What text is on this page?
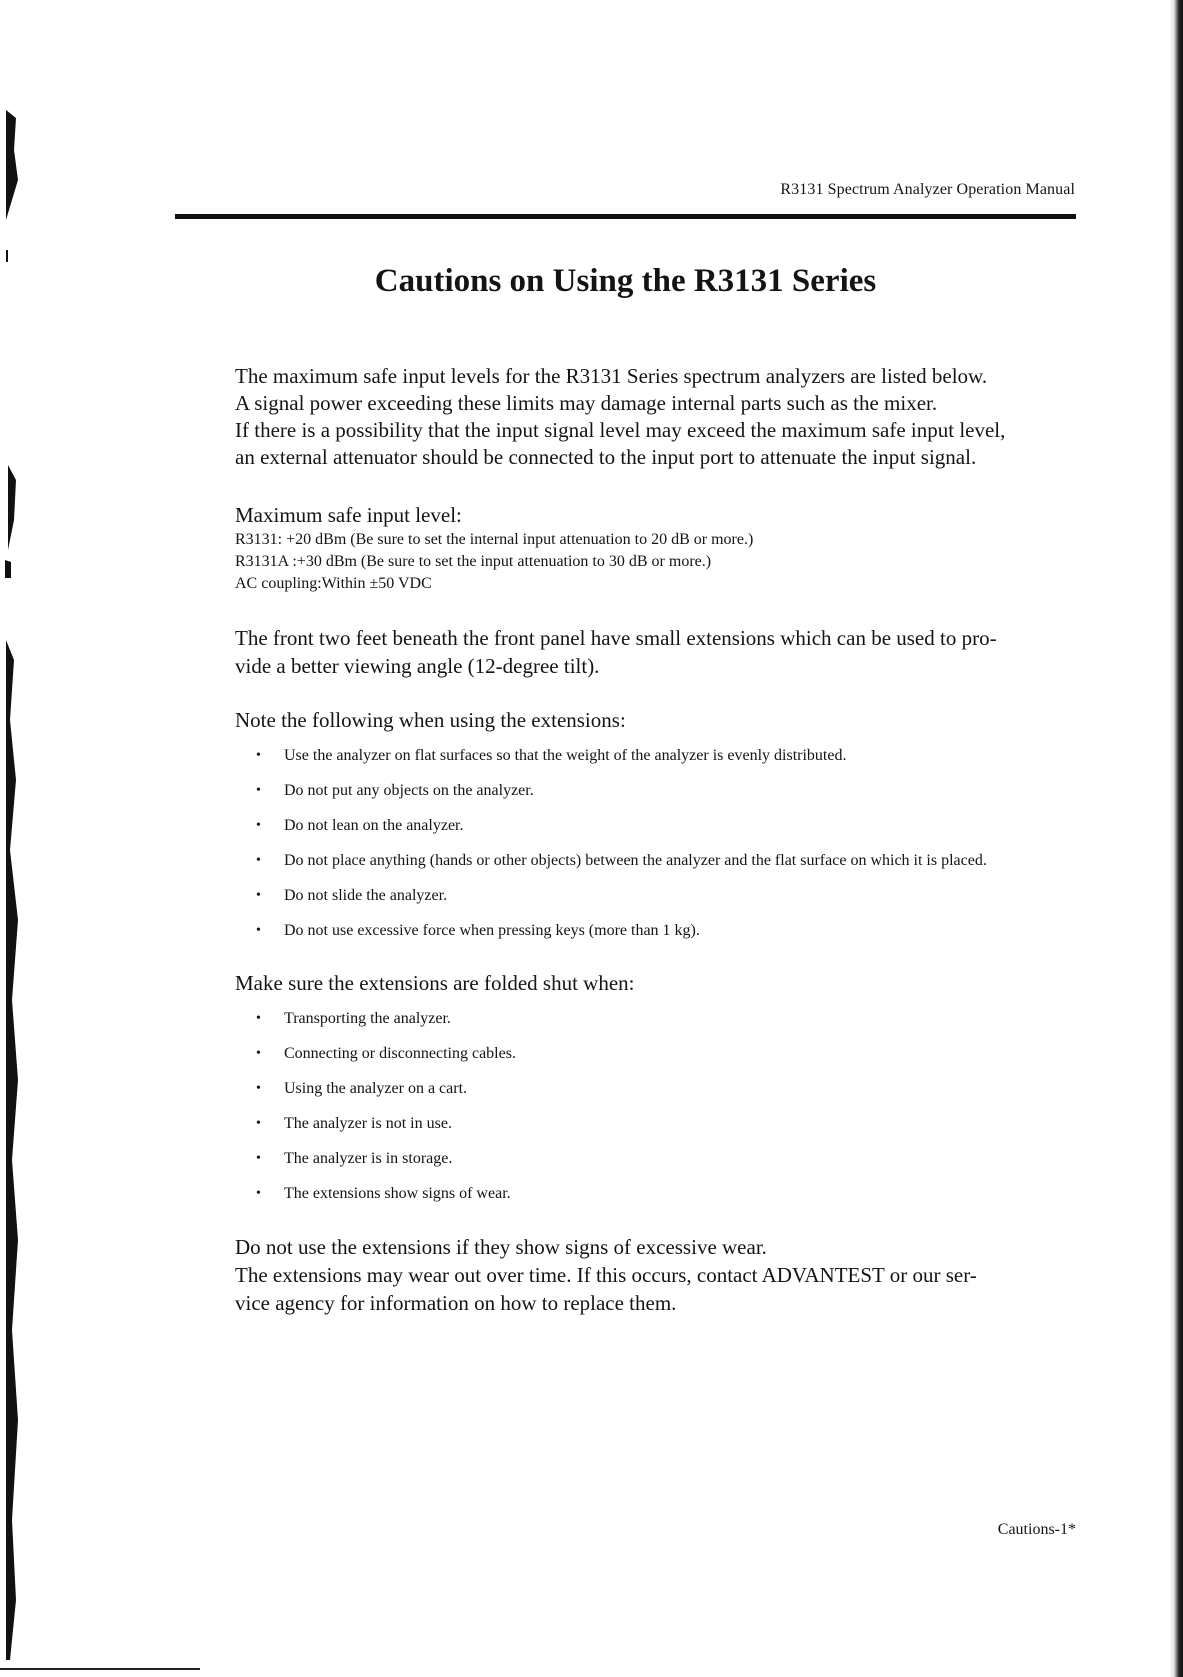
R3131 Spectrum Analyzer Operation Manual
Cautions on Using the R3131 Series

The maximum safe input levels for the R3131 Series spectrum analyzers are listed below.

A signal power exceeding these limits may damage internal parts such as the mixer.

If there is a possibility that the input signal level may exceed the maximum safe input level,

an external attenuator should be connected to the input port to attenuate the input signal.

Maximum safe input level:

R3131: +20 dBm (Be sure to set the internal input attenuation to 20 dB or more.)

R3131A :+30 dBm (Be sure to set the input attenuation to 30 dB or more.)

AC coupling:Within ±50 VDC

The front two feet beneath the front panel have small extensions which can be used to pro-

vide a better viewing angle (12-degree tilt).

Note the following when using the extensions:

• Use the analyzer on flat surfaces so that the weight of the analyzer is evenly distributed.
• Do not put any objects on the analyzer.
• Do not lean on the analyzer.
• Do not place anything (hands or other objects) between the analyzer and the flat surface on which it is placed.
• Do not slide the analyzer.
• Do not use excessive force when pressing keys (more than 1 kg).

Make sure the extensions are folded shut when:

• Transporting the analyzer.
• Connecting or disconnecting cables.
• Using the analyzer on a cart.
• The analyzer is not in use.
• The analyzer is in storage.
• The extensions show signs of wear.

Do not use the extensions if they show signs of excessive wear.

The extensions may wear out over time. If this occurs, contact ADVANTEST or our ser-

vice agency for information on how to replace them.

Cautions-1*
